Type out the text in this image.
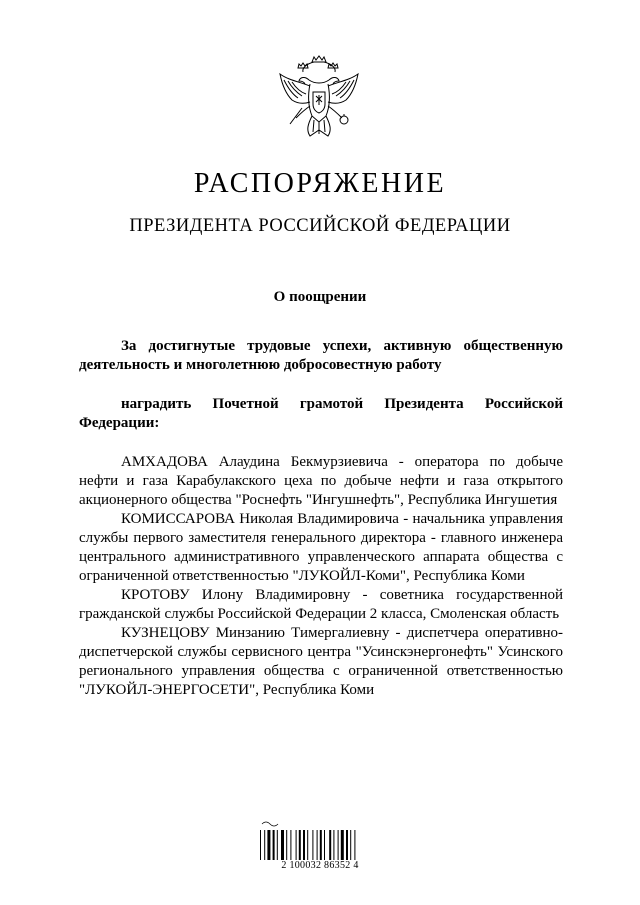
РАСПОРЯЖЕНИЕ
ПРЕЗИДЕНТА РОССИЙСКОЙ ФЕДЕРАЦИИ
О поощрении
За достигнутые трудовые успехи, активную общественную деятельность и многолетнюю добросовестную работу
наградить Почетной грамотой Президента Российской Федерации:

АМХАДОВА Алаудина Бекмурзиевича - оператора по добыче нефти и газа Карабулакского цеха по добыче нефти и газа открытого акционерного общества "Роснефть "Ингушнефть", Республика Ингушетия

КОМИССАРОВА Николая Владимировича - начальника управления службы первого заместителя генерального директора - главного инженера центрального административного управленческого аппарата общества с ограниченной ответственностью "ЛУКОЙЛ-Коми", Республика Коми

КРОТОВУ Илону Владимировну - советника государственной гражданской службы Российской Федерации 2 класса, Смоленская область

КУЗНЕЦОВУ Минзанию Тимергалиевну - диспетчера оперативно-диспетчерской службы сервисного центра "Усинскэнергонефть" Усинского регионального управления общества с ограниченной ответственностью "ЛУКОЙЛ-ЭНЕРГОСЕТИ", Республика Коми

2 100032 86352 4
